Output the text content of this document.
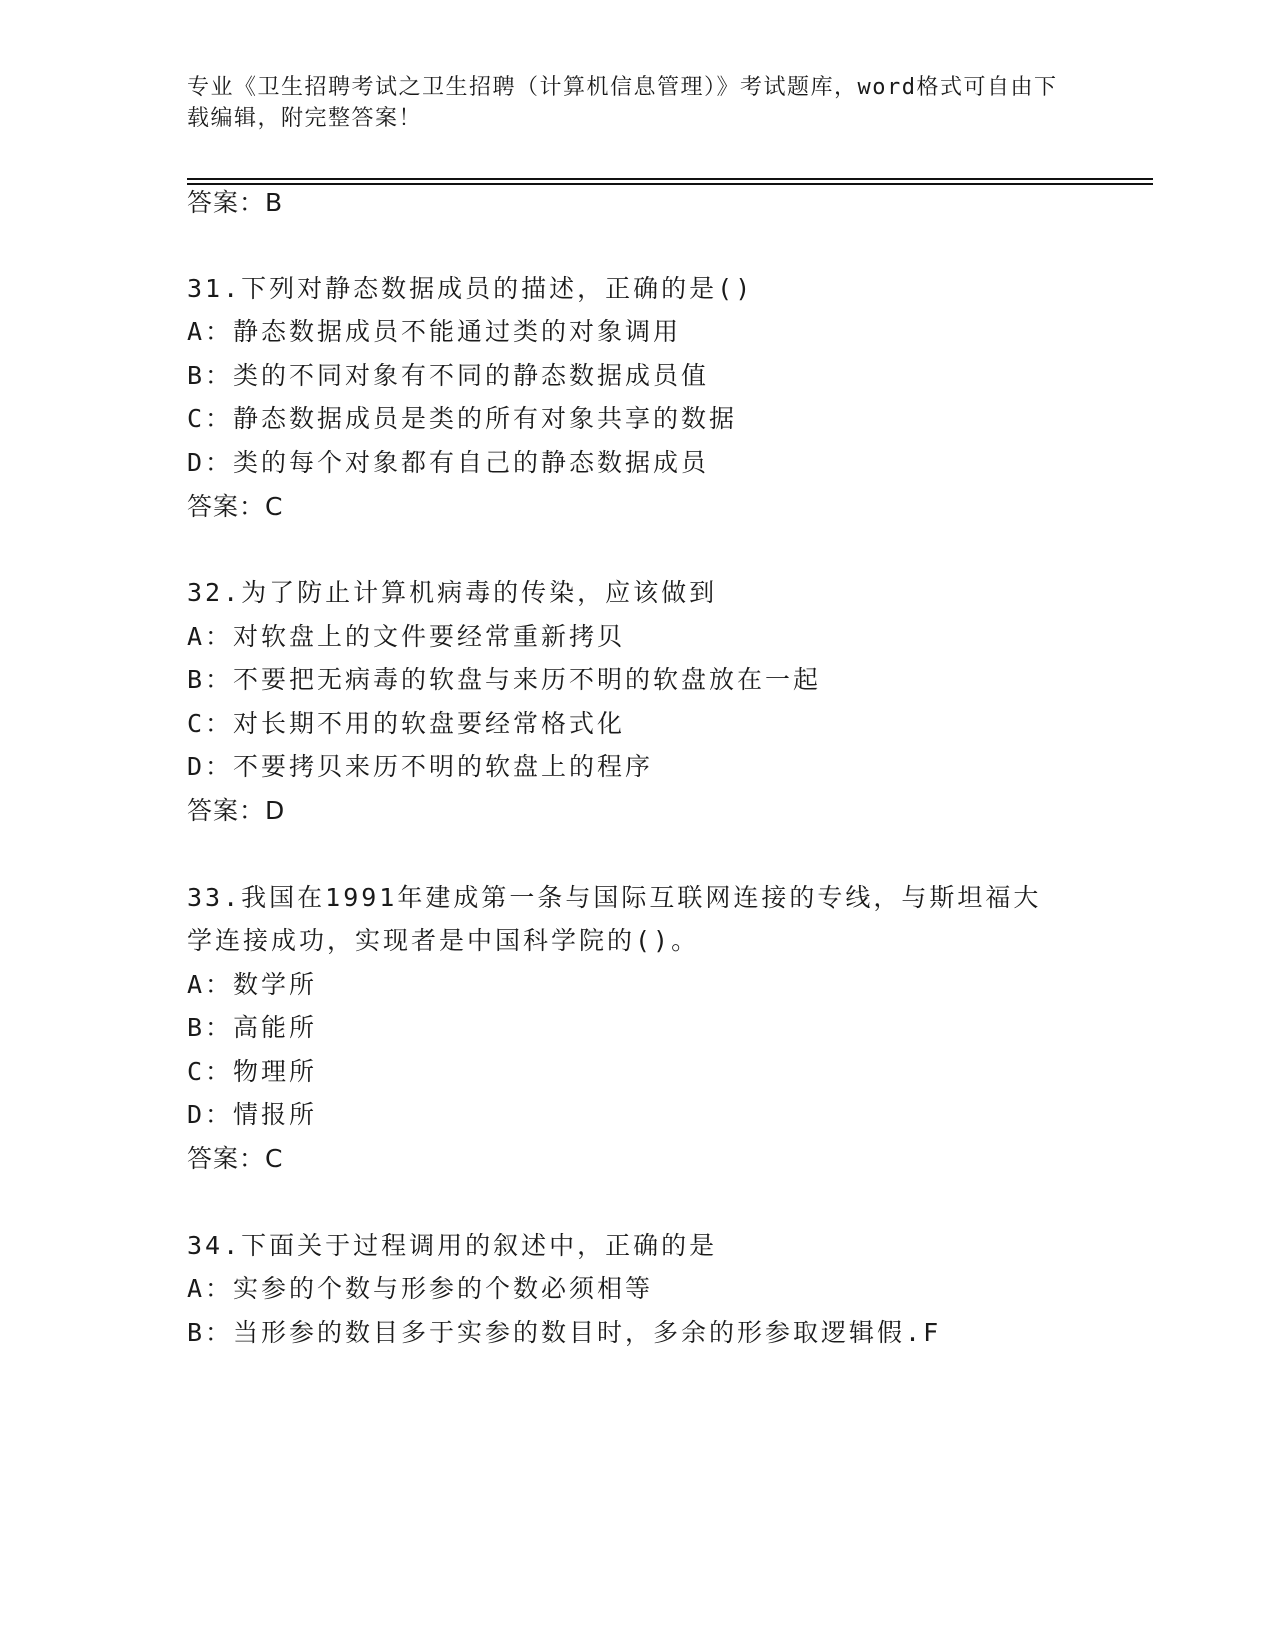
专业《卫生招聘考试之卫生招聘（计算机信息管理）》考试题库，word格式可自由下载编辑，附完整答案！
答案：B
31.下列对静态数据成员的描述，正确的是()
A：静态数据成员不能通过类的对象调用
B：类的不同对象有不同的静态数据成员值
C：静态数据成员是类的所有对象共享的数据
D：类的每个对象都有自己的静态数据成员
答案：C
32.为了防止计算机病毒的传染，应该做到
A：对软盘上的文件要经常重新拷贝
B：不要把无病毒的软盘与来历不明的软盘放在一起
C：对长期不用的软盘要经常格式化
D：不要拷贝来历不明的软盘上的程序
答案：D
33.我国在1991年建成第一条与国际互联网连接的专线，与斯坦福大
学连接成功，实现者是中国科学院的()。
A：数学所
B：高能所
C：物理所
D：情报所
答案：C
34.下面关于过程调用的叙述中，正确的是
A：实参的个数与形参的个数必须相等
B：当形参的数目多于实参的数目时，多余的形参取逻辑假.F
